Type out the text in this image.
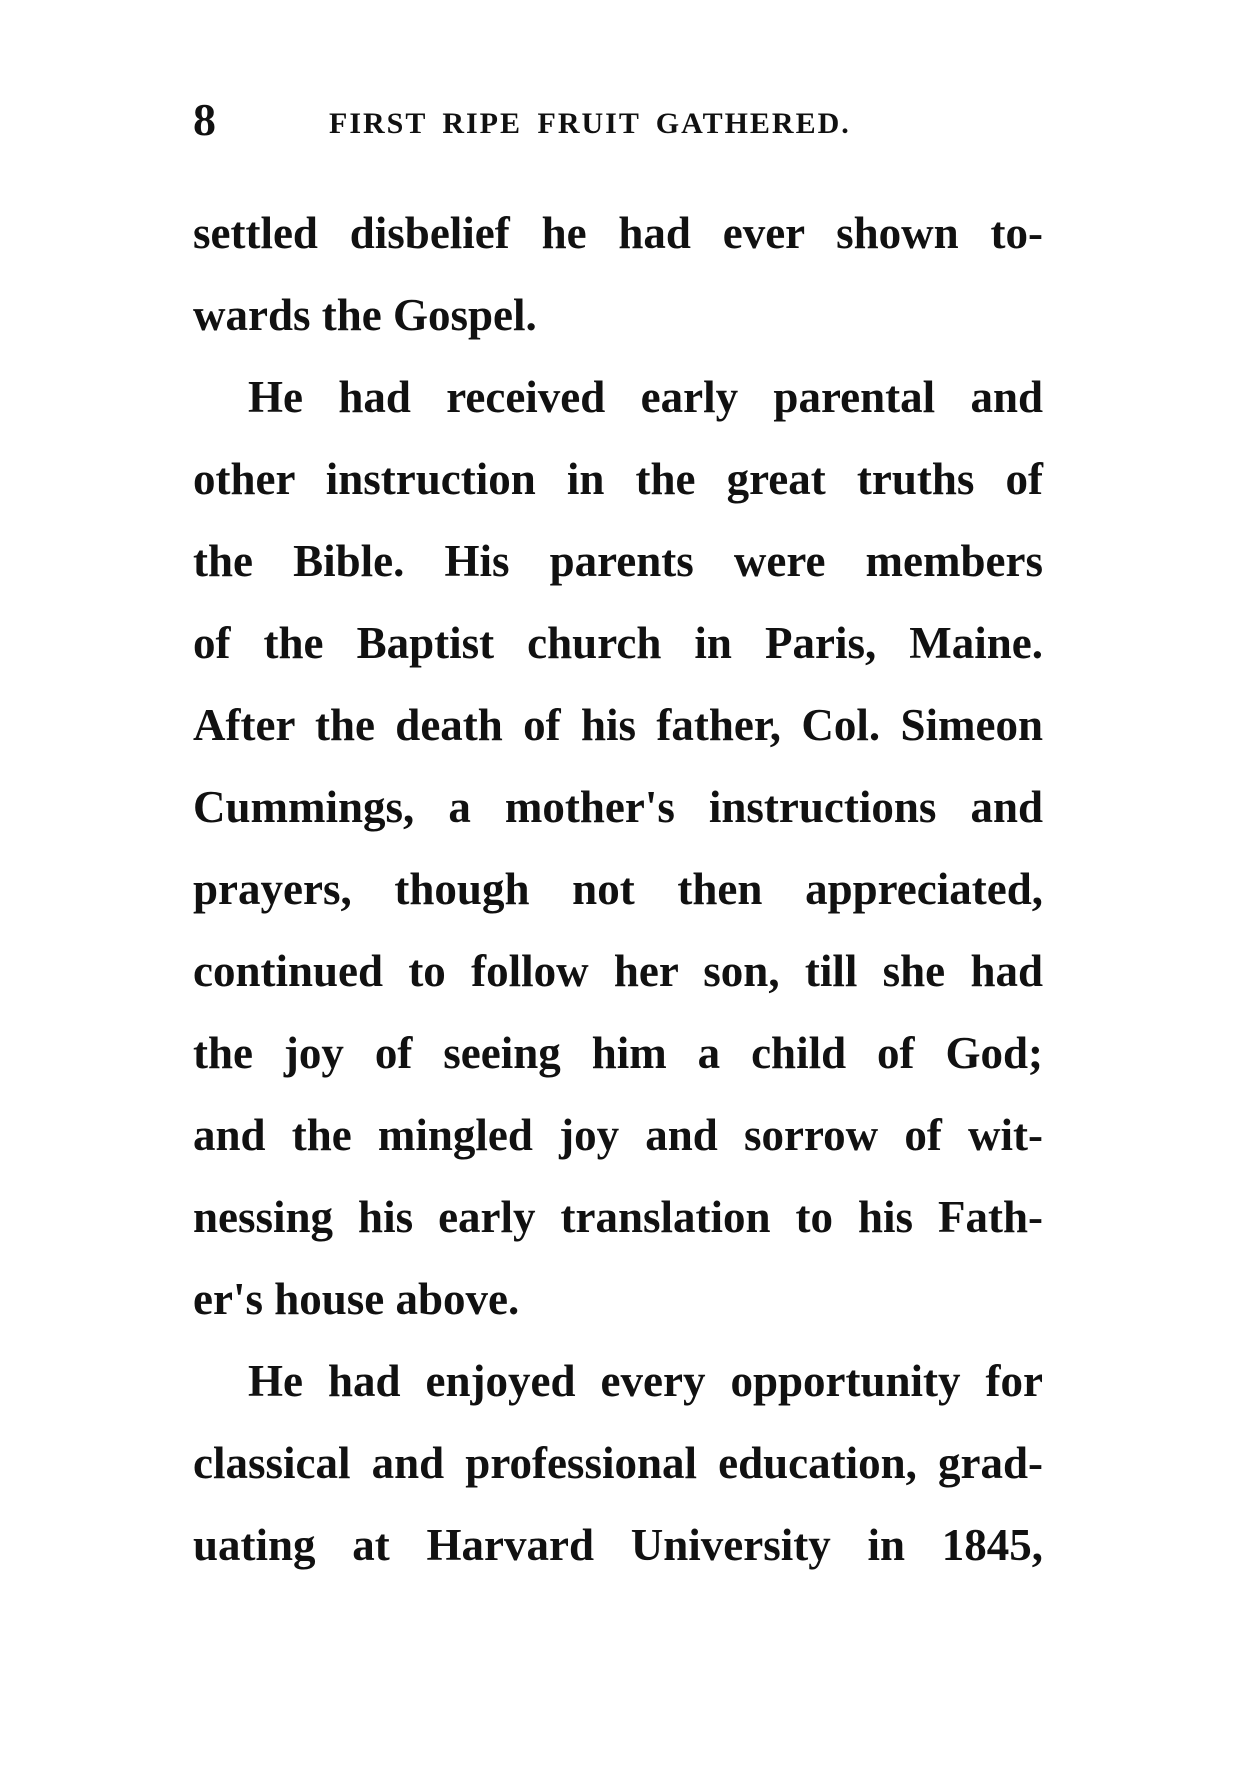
8	FIRST RIPE FRUIT GATHERED.
settled disbelief he had ever shown to-
wards the Gospel.
He had received early parental and
other instruction in the great truths of
the Bible. His parents were members
of the Baptist church in Paris, Maine.
After the death of his father, Col. Simeon
Cummings, a mother's instructions and
prayers, though not then appreciated,
continued to follow her son, till she had
the joy of seeing him a child of God;
and the mingled joy and sorrow of wit-
nessing his early translation to his Fath-
er's house above.
He had enjoyed every opportunity for
classical and professional education, grad-
uating at Harvard University in 1845,
